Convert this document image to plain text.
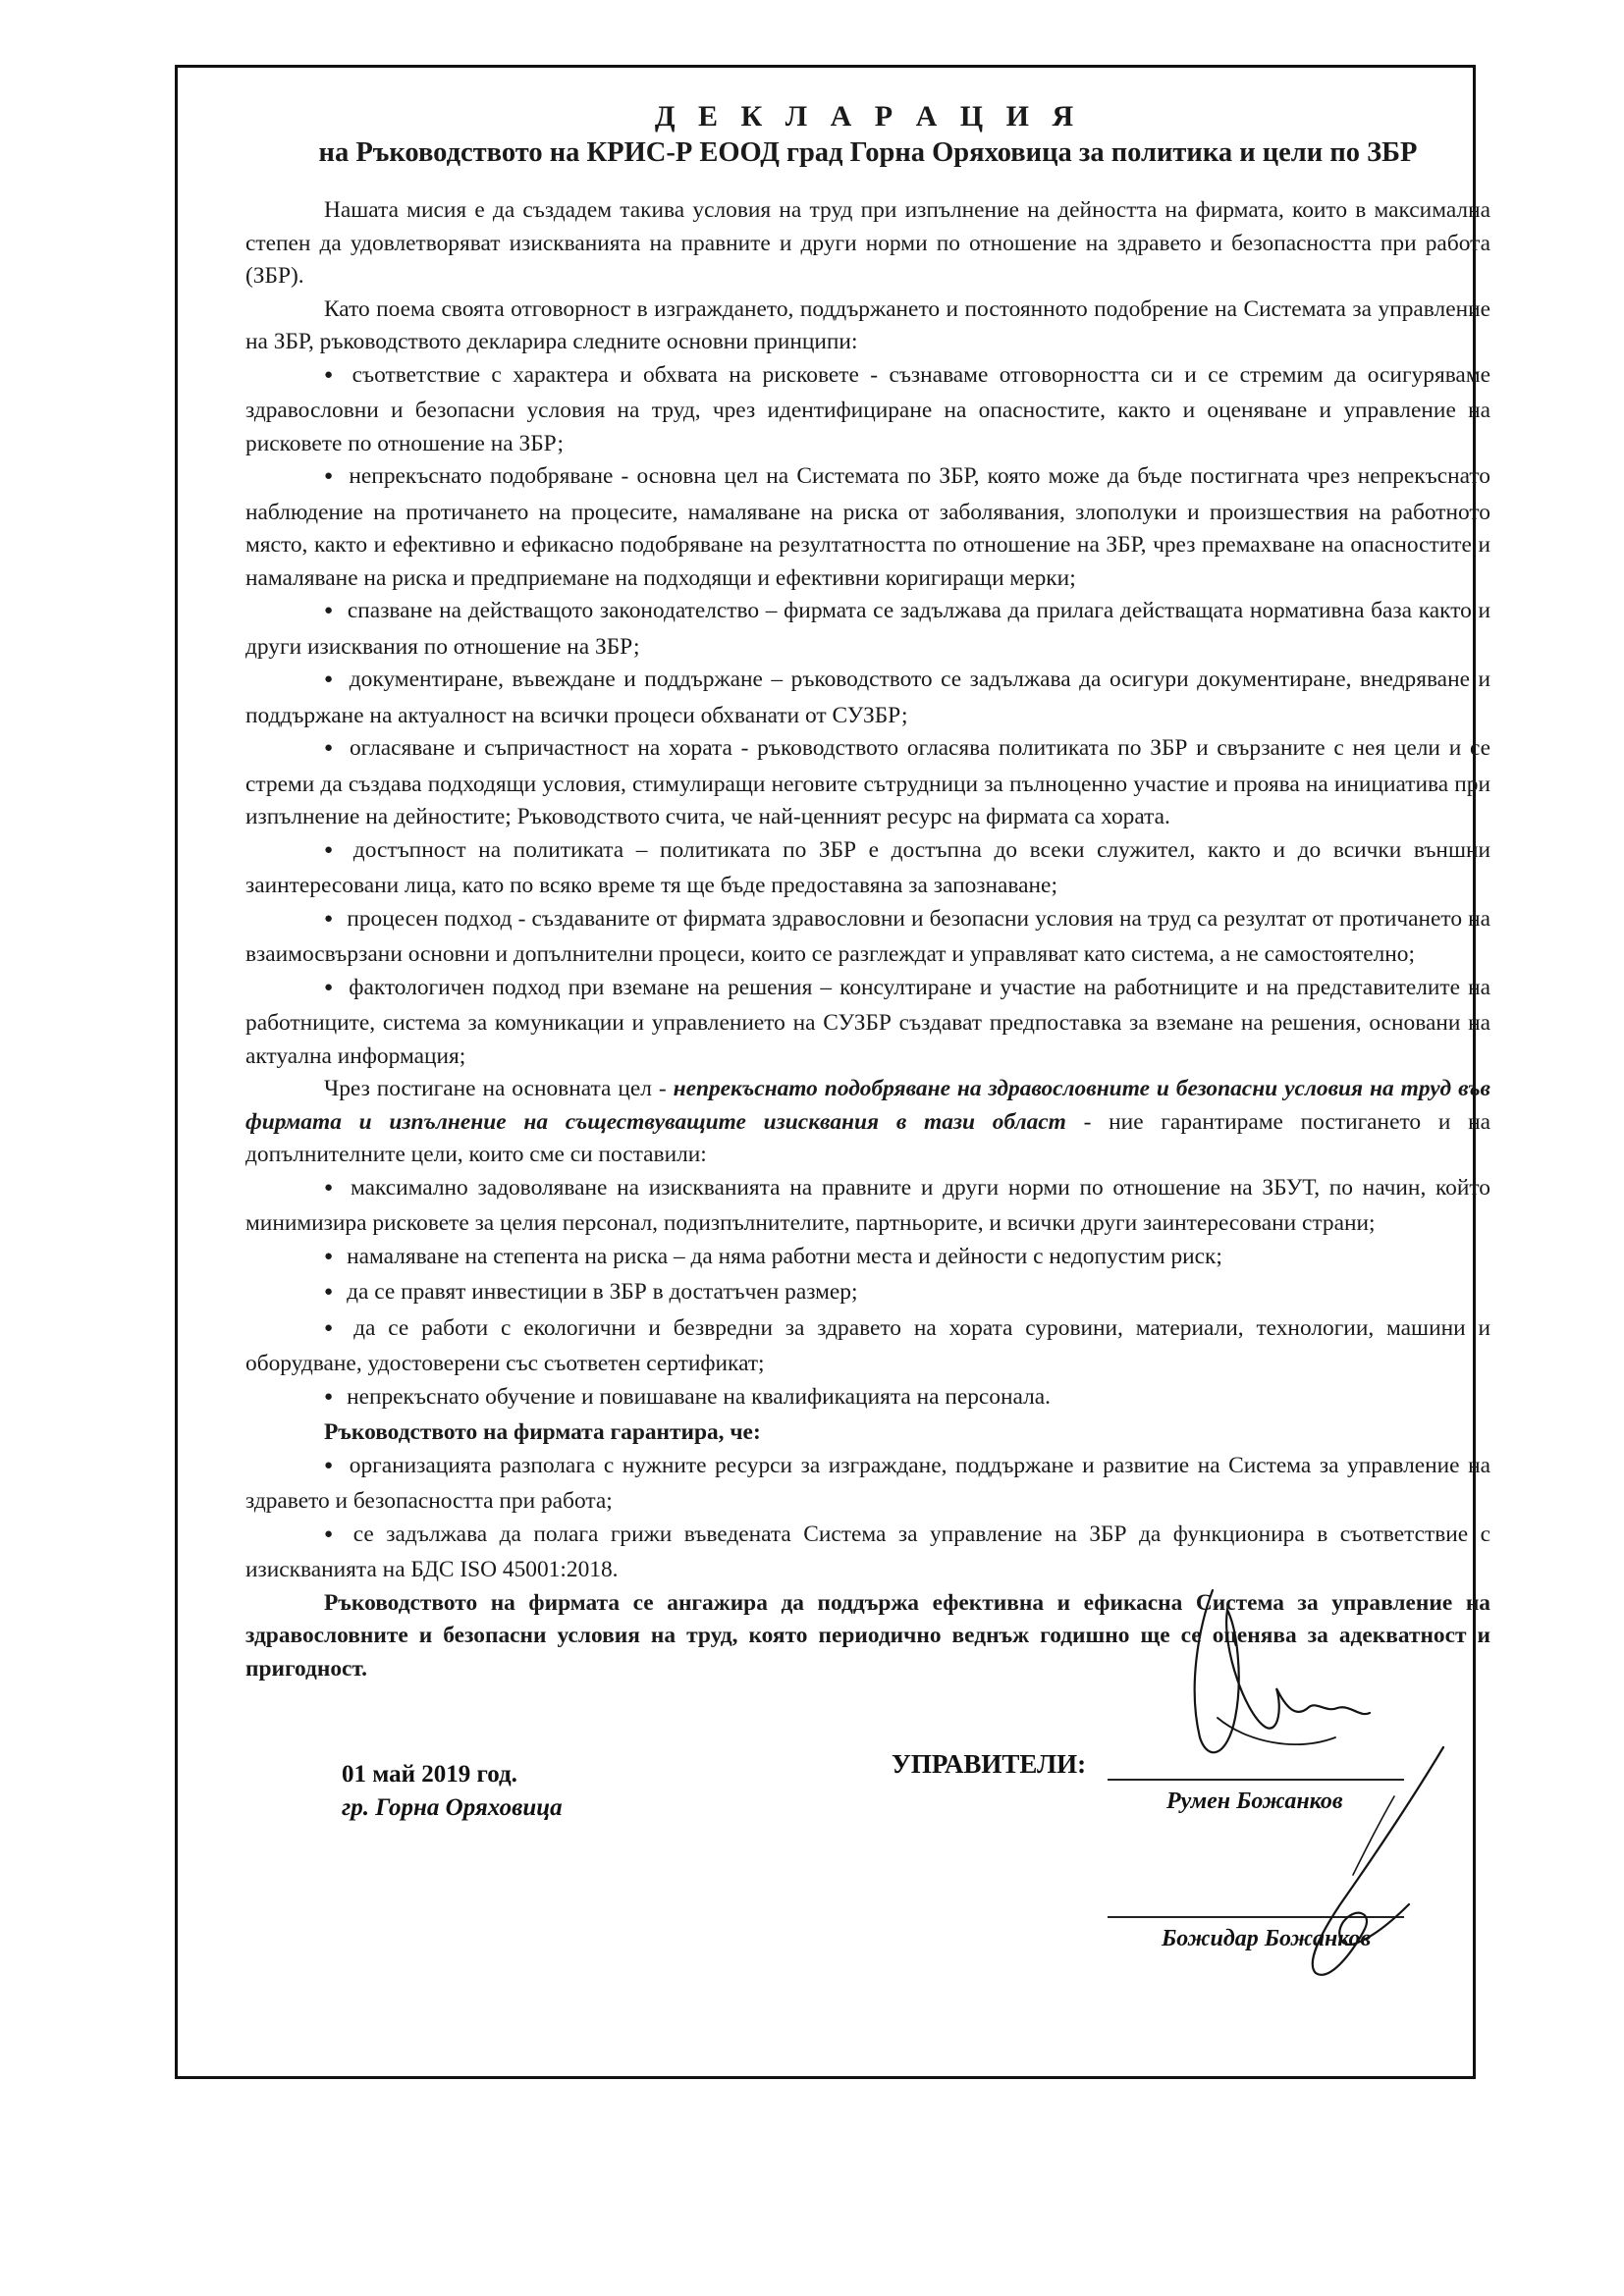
Д Е К Л А Р А Ц И Я

на Ръководството на КРИС-Р ЕООД град Горна Оряховица за политика и цели по ЗБР

Нашата мисия е да създадем такива условия на труд при изпълнение на дейността на фирмата, които в максимална степен да удовлетворяват изискванията на правните и други норми по отношение на здравето и безопасността при работа (ЗБР).

Като поема своята отговорност в изграждането, поддържането и постоянното подобрение на Системата за управление на ЗБР, ръководството декларира следните основни принципи:

● съответствие с характера и обхвата на рисковете - съзнаваме отговорността си и се стремим да осигуряваме здравословни и безопасни условия на труд, чрез идентифициране на опасностите, както и оценяване и управление на рисковете по отношение на ЗБР;

● непрекъснато подобряване - основна цел на Системата по ЗБР, която може да бъде постигната чрез непрекъснато наблюдение на протичането на процесите, намаляване на риска от заболявания, злополуки и произшествия на работното място, както и ефективно и ефикасно подобряване на резултатността по отношение на ЗБР, чрез премахване на опасностите и намаляване на риска и предприемане на подходящи и ефективни коригиращи мерки;

● спазване на действащото законодателство – фирмата се задължава да прилага действащата нормативна база както и други изисквания по отношение на ЗБР;

● документиране, въвеждане и поддържане – ръководството се задължава да осигури документиране, внедряване и поддържане на актуалност на всички процеси обхванати от СУЗБР;

● огласяване и съпричастност на хората - ръководството огласява политиката по ЗБР и свързаните с нея цели и се стреми да създава подходящи условия, стимулиращи неговите сътрудници за пълноценно участие и проява на инициатива при изпълнение на дейностите; Ръководството счита, че най-ценният ресурс на фирмата са хората.

● достъпност на политиката – политиката по ЗБР е достъпна до всеки служител, както и до всички външни заинтересовани лица, като по всяко време тя ще бъде предоставяна за запознаване;

● процесен подход - създаваните от фирмата здравословни и безопасни условия на труд са резултат от протичането на взаимосвързани основни и допълнителни процеси, които се разглеждат и управляват като система, а не самостоятелно;

● фактологичен подход при вземане на решения – консултиране и участие на работниците и на представителите на работниците, система за комуникации и управлението на СУЗБР създават предпоставка за вземане на решения, основани на актуална информация;

Чрез постигане на основната цел - непрекъснато подобряване на здравословните и безопасни условия на труд във фирмата и изпълнение на съществуващите изисквания в тази област - ние гарантираме постигането и на допълнителните цели, които сме си поставили:

● максимално задоволяване на изискванията на правните и други норми по отношение на ЗБУТ, по начин, който минимизира рисковете за целия персонал, подизпълнителите, партньорите, и всички други заинтересовани страни;

● намаляване на степента на риска – да няма работни места и дейности с недопустим риск;

● да се правят инвестиции в ЗБР в достатъчен размер;

● да се работи с екологични и безвредни за здравето на хората суровини, материали, технологии, машини и оборудване, удостоверени със съответен сертификат;

● непрекъснато обучение и повишаване на квалификацията на персонала.

Ръководството на фирмата гарантира, че:

● организацията разполага с нужните ресурси за изграждане, поддържане и развитие на Система за управление на здравето и безопасността при работа;

● се задължава да полага грижи въведената Система за управление на ЗБР да функционира в съответствие с изискванията на БДС ISO 45001:2018.

Ръководството на фирмата се ангажира да поддържа ефективна и ефикасна Система за управление на здравословните и безопасни условия на труд, която периодично веднъж годишно ще се оценява за адекватност и пригодност.

01 май 2019 год.
гр. Горна Оряховица
УПРАВИТЕЛИ:
Румен Божанков
Божидар Божанков
